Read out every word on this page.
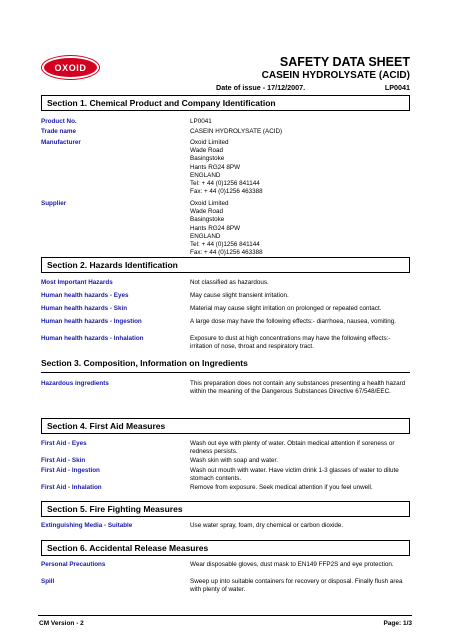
OXOID	SAFETY DATA SHEET
CASEIN HYDROLYSATE (ACID)
Date of issue - 17/12/2007.	LP0041
Section 1. Chemical Product and Company Identification
Product No.	LP0041
Trade name	CASEIN HYDROLYSATE (ACID)
Manufacturer	Oxoid Limited
Wade Road
Basingstoke
Hants RG24 8PW
ENGLAND
Tel: + 44 (0)1256 841144
Fax: + 44 (0)1256 463388
Supplier	Oxoid Limited
Wade Road
Basingstoke
Hants RG24 8PW
ENGLAND
Tel: + 44 (0)1256 841144
Fax: + 44 (0)1256 463388
Section 2. Hazards Identification
Most Important Hazards	Not classified as hazardous.
Human health hazards - Eyes	May cause slight transient irritation.
Human health hazards - Skin	Material may cause slight irritation on prolonged or repeated contact.
Human health hazards - Ingestion	A large dose may have the following effects:- diarrhoea, nausea, vomiting.
Human health hazards - Inhalation	Exposure to dust at high concentrations may have the following effects:- irritation of nose, throat and respiratory tract.
Section 3. Composition, Information on Ingredients
Hazardous ingredients	This preparation does not contain any substances presenting a health hazard within the meaning of the Dangerous Substances Directive 67/548/EEC.
Section 4. First Aid Measures
First Aid - Eyes	Wash out eye with plenty of water. Obtain medical attention if soreness or redness persists.
First Aid - Skin	Wash skin with soap and water.
First Aid - Ingestion	Wash out mouth with water. Have victim drink 1-3 glasses of water to dilute stomach contents.
First Aid - Inhalation	Remove from exposure. Seek medical attention if you feel unwell.
Section 5. Fire Fighting Measures
Extinguishing Media - Suitable	Use water spray, foam, dry chemical or carbon dioxide.
Section 6. Accidental Release Measures
Personal Precautions	Wear disposable gloves, dust mask to EN149 FFP2S and eye protection.
Spill	Sweep up into suitable containers for recovery or disposal. Finally flush area with plenty of water.
CM Version - 2	Page: 1/3
